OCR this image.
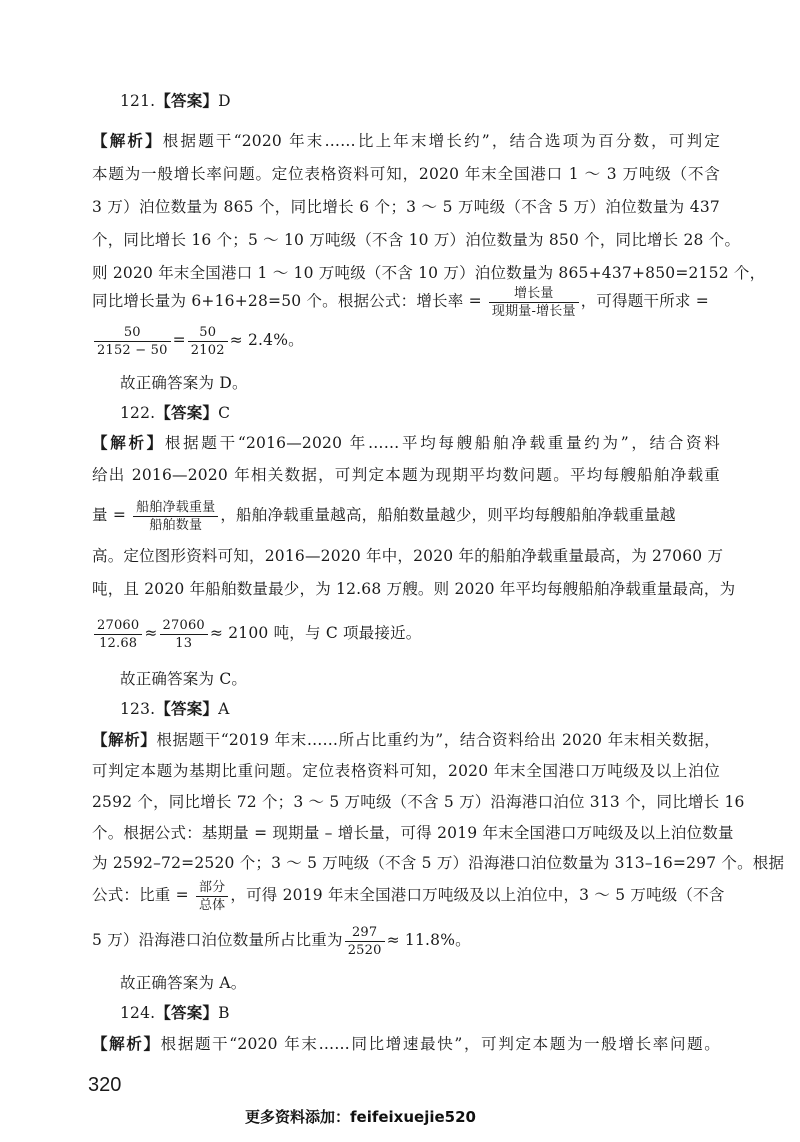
121.【答案】D
【解析】根据题干“2020 年末……比上年末增长约”，结合选项为百分数，可判定
本题为一般增长率问题。定位表格资料可知，2020 年末全国港口 1 ～ 3 万吨级（不含
3 万）泊位数量为 865 个，同比增长 6 个；3 ～ 5 万吨级（不含 5 万）泊位数量为 437
个，同比增长 16 个；5 ～ 10 万吨级（不含 10 万）泊位数量为 850 个，同比增长 28 个。
则 2020 年末全国港口 1 ～ 10 万吨级（不含 10 万）泊位数量为 865+437+850=2152 个，
同比增长量为 6+16+28=50 个。根据公式：增长率 = $\frac{\text{增长量}}{\text{现期量-增长量}}$ ，可得题干所求 =
$\frac{50}{2152 - 50} = \frac{50}{2102} \approx 2.4\%$。
故正确答案为 D。
122.【答案】C
【解析】根据题干“2016—2020 年……平均每艘船舶净载重量约为”，结合资料
给出 2016—2020 年相关数据，可判定本题为现期平均数问题。平均每艘船舶净载重
量 = $\frac{\text{船舶净载重量}}{\text{船舶数量}}$ ，船舶净载重量越高，船舶数量越少，则平均每艘船舶净载重量越
高。定位图形资料可知，2016—2020 年中，2020 年的船舶净载重量最高，为 27060 万
吨，且 2020 年船舶数量最少，为 12.68 万艘。则 2020 年平均每艘船舶净载重量最高，为
$\frac{27060}{12.68} \approx \frac{27060}{13} \approx 2100$ 吨，与 C 项最接近。
故正确答案为 C。
123.【答案】A
【解析】根据题干“2019 年末……所占比重约为”，结合资料给出 2020 年末相关数据，
可判定本题为基期比重问题。定位表格资料可知，2020 年末全国港口万吨级及以上泊位
2592 个，同比增长 72 个；3 ～ 5 万吨级（不含 5 万）沿海港口泊位 313 个，同比增长 16
个。根据公式：基期量 = 现期量 – 增长量，可得 2019 年末全国港口万吨级及以上泊位数量
为 2592–72=2520 个；3 ～ 5 万吨级（不含 5 万）沿海港口泊位数量为 313–16=297 个。根据
公式：比重 = $\frac{\text{部分}}{\text{总体}}$ ，可得 2019 年末全国港口万吨级及以上泊位中，3 ～ 5 万吨级（不含
5 万）沿海港口泊位数量所占比重为 $\frac{297}{2520} \approx 11.8\%$。
故正确答案为 A。
124.【答案】B
【解析】根据题干“2020 年末……同比增速最快”，可判定本题为一般增长率问题。
320
更多资料添加：feifeixuejie520
